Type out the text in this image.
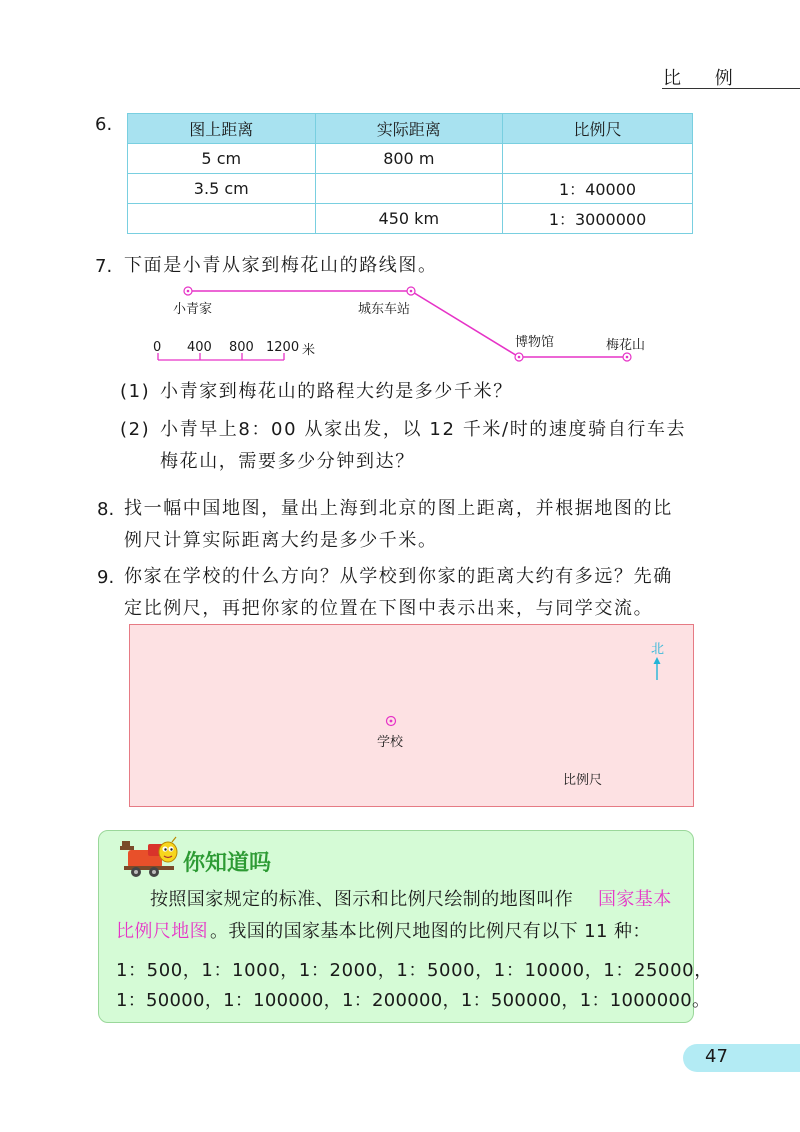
比 例
6.	图上距离	实际距离	比例尺
5 cm	800 m	
3.5 cm		1：40000
	450 km	1：3000000
7. 下面是小青从家到梅花山的路线图。
小青家	城东车站
博物馆	梅花山
0 400 800 1200 米
(1) 小青家到梅花山的路程大约是多少千米？
(2) 小青早上8：00 从家出发，以 12 千米/时的速度骑自行车去
梅花山，需要多少分钟到达？
8. 找一幅中国地图，量出上海到北京的图上距离，并根据地图的比
例尺计算实际距离大约是多少千米。
9. 你家在学校的什么方向？从学校到你家的距离大约有多远？先确
定比例尺，再把你家的位置在下图中表示出来，与同学交流。
北
学校
比例尺
你知道吗
按照国家规定的标准、图示和比例尺绘制的地图叫作 国家基本
比例尺地图 。我国的国家基本比例尺地图的比例尺有以下 11 种：
1：500，1：1000，1：2000，1：5000，1：10000，1：25000，
1：50000，1：100000，1：200000，1：500000，1：1000000。
47
